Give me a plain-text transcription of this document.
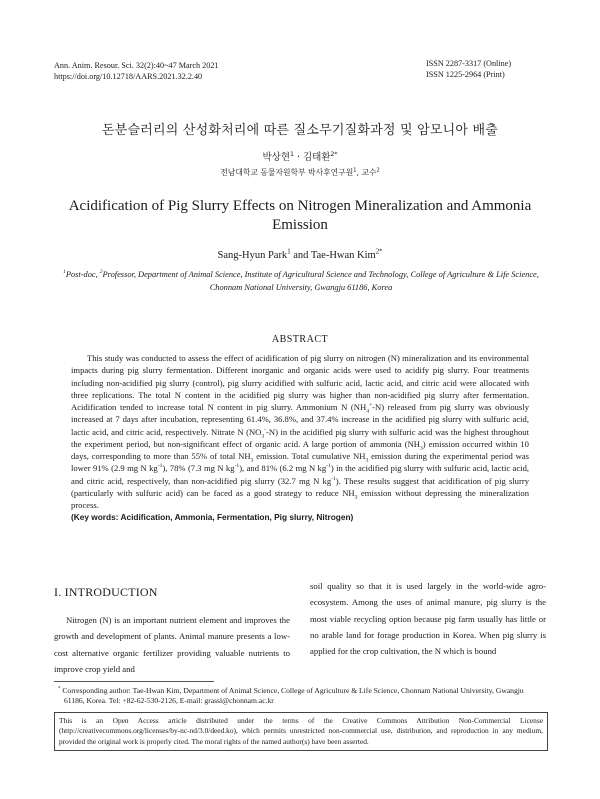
Ann. Anim. Resour. Sci. 32(2):40~47 March 2021
https://doi.org/10.12718/AARS.2021.32.2.40
ISSN 2287-3317 (Online)
ISSN 1225-2964 (Print)
돈분슬러리의 산성화처리에 따른 질소무기질화과정 및 암모니아 배출
박상현$^1$ · 김태환$^{2*}$
전남대학교 동물자원학부 박사후연구원$^1$, 교수$^2$
Acidification of Pig Slurry Effects on Nitrogen Mineralization and Ammonia Emission
Sang-Hyun Park$^1$ and Tae-Hwan Kim$^{2*}$
$^1$Post-doc, $^2$Professor, Department of Animal Science, Institute of Agricultural Science and Technology, College of Agriculture & Life Science, Chonnam National University, Gwangju 61186, Korea
ABSTRACT

This study was conducted to assess the effect of acidification of pig slurry on nitrogen (N) mineralization and its environmental impacts during pig slurry fermentation. Different inorganic and organic acids were used to acidify pig slurry. Four treatments including non-acidified pig slurry (control), pig slurry acidified with sulfuric acid, lactic acid, and citric acid were allocated with three replications. The total N content in the acidified pig slurry was higher than non-acidified pig slurry after fermentation. Acidification tended to increase total N content in pig slurry. Ammonium N $(NH_4^+-N)$ released from pig slurry was obviously increased at 7 days after incubation, representing 61.4%, 36.8%, and 37.4% increase in the acidified pig slurry with sulfuric acid, lactic acid, and citric acid, respectively. Nitrate N $(NO_3^--N)$ in the acidified pig slurry with sulfuric acid was the highest throughout the experiment period, but non-significant effect of organic acid. A large portion of ammonia $(NH_3)$ emission occurred within 10 days, corresponding to more than 55% of total $NH_3$ emission. Total cumulative $NH_3$ emission during the experimental period was lower 91% (2.9 mg N $kg^{-1}$), 78% (7.3 mg N $kg^{-1}$), and 81% (6.2 mg N $kg^{-1}$) in the acidified pig slurry with sulfuric acid, lactic acid, and citric acid, respectively, than non-acidified pig slurry (32.7 mg N $kg^{-1}$). These results suggest that acidification of pig slurry (particularly with sulfuric acid) can be faced as a good strategy to reduce $NH_3$ emission without depressing the mineralization process.

(Key words: Acidification, Ammonia, Fermentation, Pig slurry, Nitrogen)
I. INTRODUCTION

Nitrogen (N) is an important nutrient element and improves the growth and development of plants. Animal manure presents a low-cost alternative organic fertilizer providing valuable nutrients to improve crop yield and

soil quality so that it is used largely in the world-wide agro-ecosystem. Among the uses of animal manure, pig slurry is the most viable recycling option because pig farm usually has little or no arable land for forage production in Korea. When pig slurry is applied for the crop cultivation, the N which is bound

* Corresponding author: Tae-Hwan Kim, Department of Animal Science, College of Agriculture & Life Science, Chonnam National University, Gwangju 61186, Korea. Tel: +82-62-530-2126, E-mail: grassl@chonnam.ac.kr

This is an Open Access article distributed under the terms of the Creative Commons Attribution Non-Commercial License (http://creativecommons.org/licenses/by-nc-nd/3.0/deed.ko), which permits unrestricted non-commercial use, distribution, and reproduction in any medium, provided the original work is properly cited. The moral rights of the named author(s) have been asserted.
